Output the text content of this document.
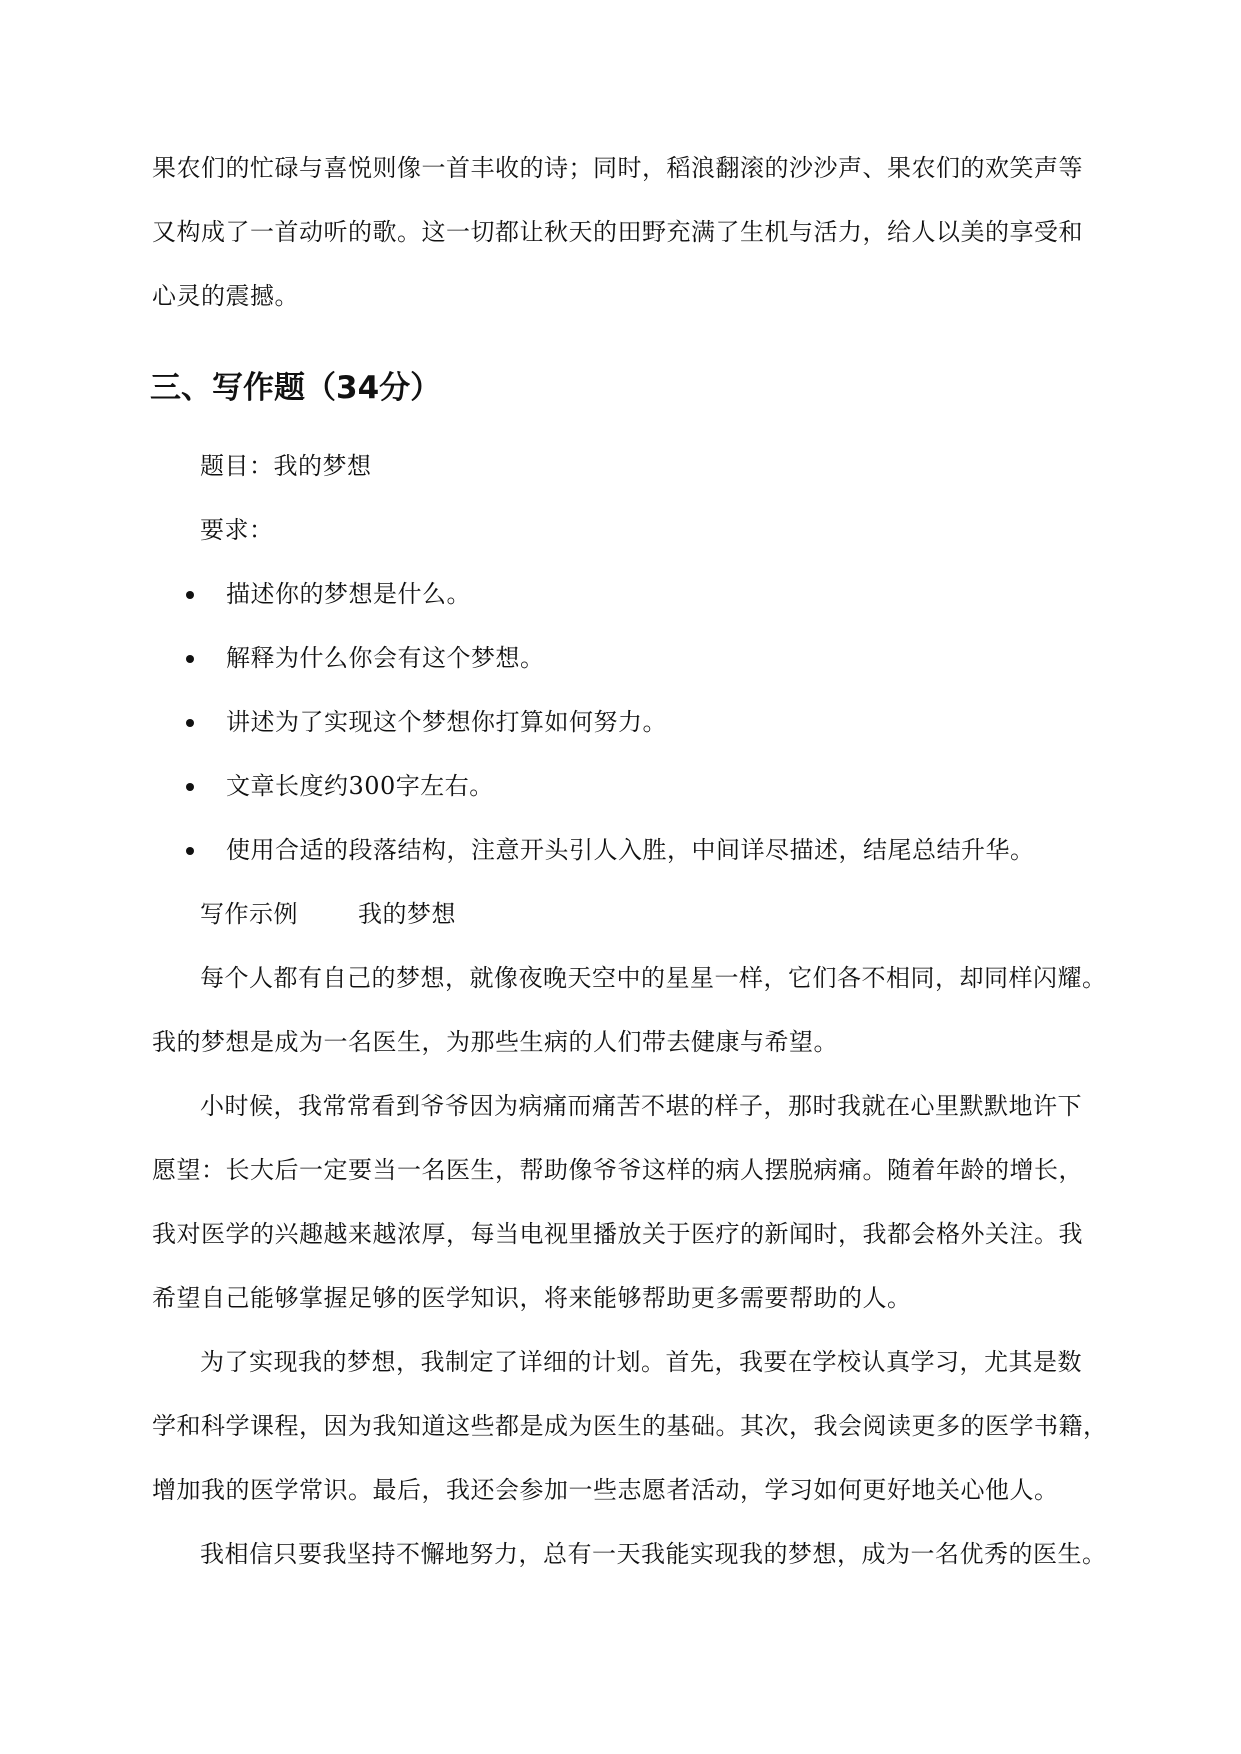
果农们的忙碌与喜悦则像一首丰收的诗；同时，稻浪翻滚的沙沙声、果农们的欢笑声等
又构成了一首动听的歌。这一切都让秋天的田野充满了生机与活力，给人以美的享受和
心灵的震撼。
三、写作题（34分）
题目：我的梦想
要求：
描述你的梦想是什么。
解释为什么你会有这个梦想。
讲述为了实现这个梦想你打算如何努力。
文章长度约300字左右。
使用合适的段落结构，注意开头引人入胜，中间详尽描述，结尾总结升华。
写作示例	我的梦想
每个人都有自己的梦想，就像夜晚天空中的星星一样，它们各不相同，却同样闪耀。
我的梦想是成为一名医生，为那些生病的人们带去健康与希望。
小时候，我常常看到爷爷因为病痛而痛苦不堪的样子，那时我就在心里默默地许下
愿望：长大后一定要当一名医生，帮助像爷爷这样的病人摆脱病痛。随着年龄的增长，
我对医学的兴趣越来越浓厚，每当电视里播放关于医疗的新闻时，我都会格外关注。我
希望自己能够掌握足够的医学知识，将来能够帮助更多需要帮助的人。
为了实现我的梦想，我制定了详细的计划。首先，我要在学校认真学习，尤其是数
学和科学课程，因为我知道这些都是成为医生的基础。其次，我会阅读更多的医学书籍，
增加我的医学常识。最后，我还会参加一些志愿者活动，学习如何更好地关心他人。
我相信只要我坚持不懈地努力，总有一天我能实现我的梦想，成为一名优秀的医生。
